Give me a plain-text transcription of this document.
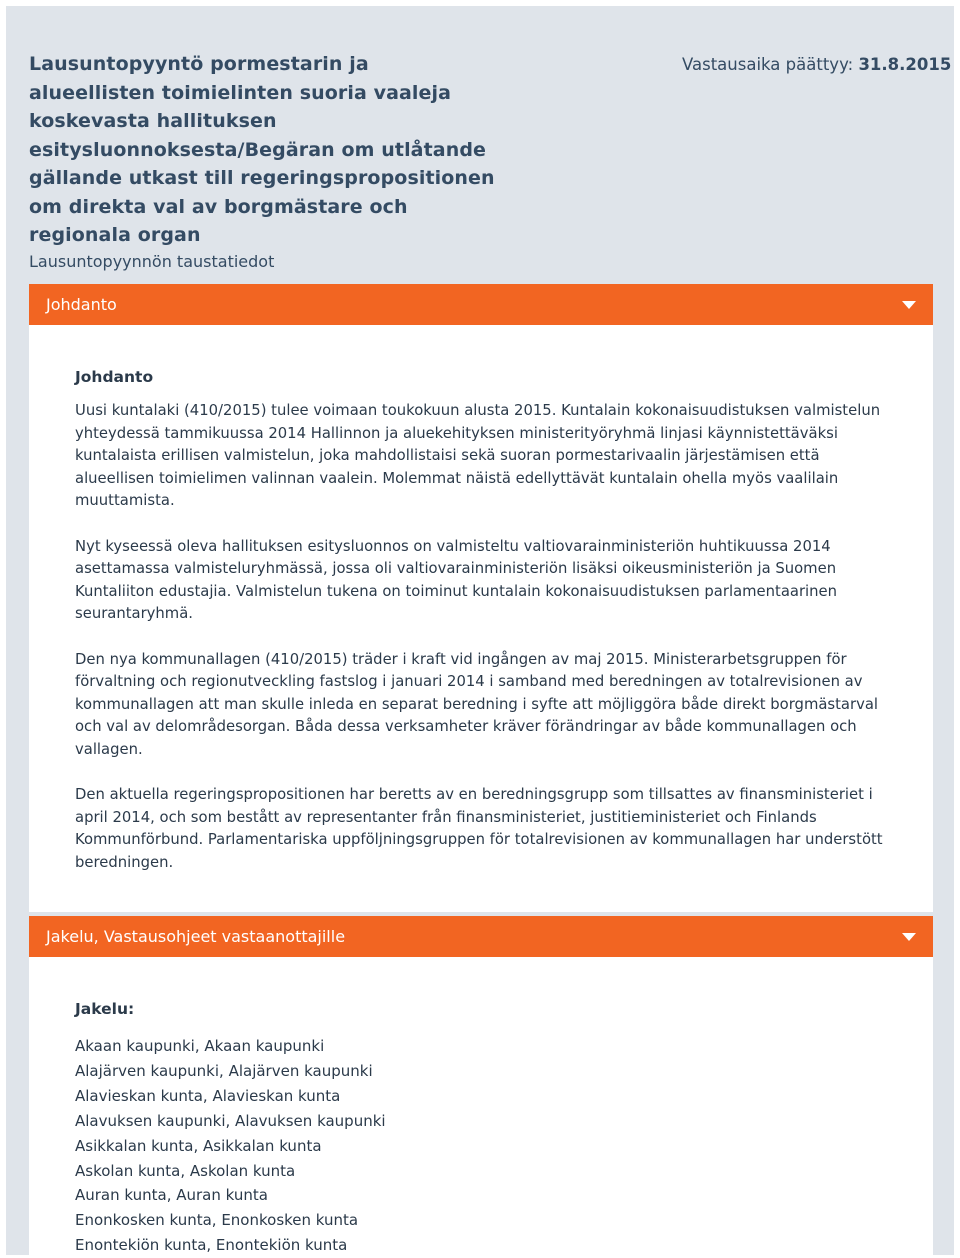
Lausuntopyyntö pormestarin ja alueellisten toimielinten suoria vaaleja koskevasta hallituksen esitysluonnoksesta/Begäran om utlåtande gällande utkast till regeringspropositionen om direkta val av borgmästare och regionala organ
Vastausaika päättyy: 31.8.2015
Lausuntopyynnön taustatiedot
Johdanto
Johdanto

Uusi kuntalaki (410/2015) tulee voimaan toukokuun alusta 2015. Kuntalain kokonaisuudistuksen valmistelun yhteydessä tammikuussa 2014 Hallinnon ja aluekehityksen ministerityöryhmä linjasi käynnistettäväksi kuntalaista erillisen valmistelun, joka mahdollistaisi sekä suoran pormestarivaalin järjestämisen että alueellisen toimielimen valinnan vaalein. Molemmat näistä edellyttävät kuntalain ohella myös vaalilain muuttamista.

Nyt kyseessä oleva hallituksen esitysluonnos on valmisteltu valtiovarainministeriön huhtikuussa 2014 asettamassa valmisteluryhmässä, jossa oli valtiovarainministeriön lisäksi oikeusministeriön ja Suomen Kuntaliiton edustajia. Valmistelun tukena on toiminut kuntalain kokonaisuudistuksen parlamentaarinen seurantaryhmä.

Den nya kommunallagen (410/2015) träder i kraft vid ingången av maj 2015. Ministerarbetsgruppen för förvaltning och regionutveckling fastslog i januari 2014 i samband med beredningen av totalrevisionen av kommunallagen att man skulle inleda en separat beredning i syfte att möjliggöra både direkt borgmästarval och val av delområdesorgan. Båda dessa verksamheter kräver förändringar av både kommunallagen och vallagen.

Den aktuella regeringspropositionen har beretts av en beredningsgrupp som tillsattes av finansministeriet i april 2014, och som bestått av representanter från finansministeriet, justitieministeriet och Finlands Kommunförbund. Parlamentariska uppföljningsgruppen för totalrevisionen av kommunallagen har understött beredningen.

Jakelu, Vastausohjeet vastaanottajille
Jakelu:
Akaan kaupunki, Akaan kaupunki
Alajärven kaupunki, Alajärven kaupunki
Alavieskan kunta, Alavieskan kunta
Alavuksen kaupunki, Alavuksen kaupunki
Asikkalan kunta, Asikkalan kunta
Askolan kunta, Askolan kunta
Auran kunta, Auran kunta
Enonkosken kunta, Enonkosken kunta
Enontekiön kunta, Enontekiön kunta
